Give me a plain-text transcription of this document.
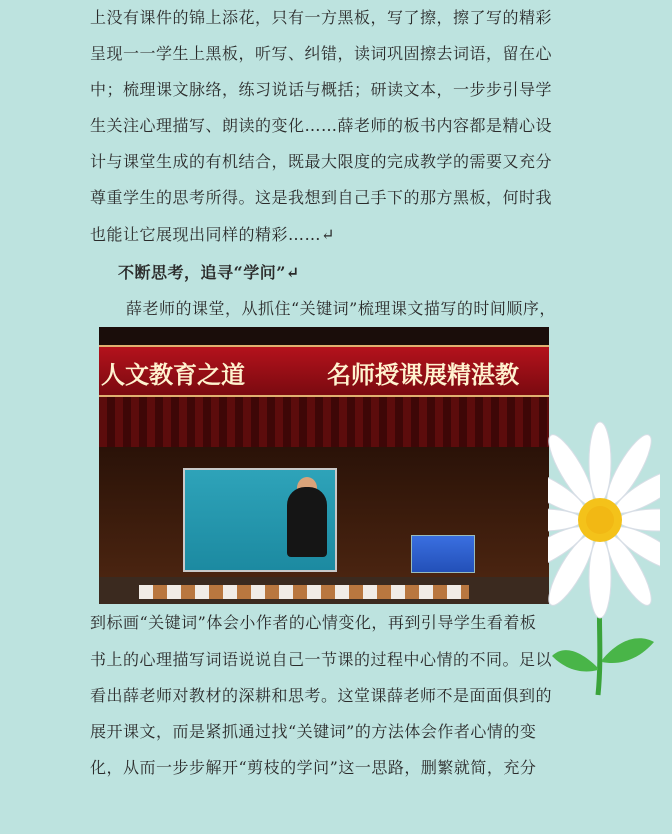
上没有课件的锦上添花，只有一方黑板，写了擦，擦了写的精彩
呈现一一学生上黑板，听写、纠错，读词巩固擦去词语，留在心
中；梳理课文脉络，练习说话与概括；研读文本，一步步引导学
生关注心理描写、朗读的变化……薛老师的板书内容都是精心设
计与课堂生成的有机结合，既最大限度的完成教学的需要又充分
尊重学生的思考所得。这是我想到自己手下的那方黑板，何时我
也能让它展现出同样的精彩……↵
不断思考，追寻“学问”↵
薛老师的课堂，从抓住“关键词”梳理课文描写的时间顺序，
人文教育之道	名师授课展精湛教
到标画“关键词”体会小作者的心情变化，再到引导学生看着板
书上的心理描写词语说说自己一节课的过程中心情的不同。足以
看出薛老师对教材的深耕和思考。这堂课薛老师不是面面俱到的
展开课文，而是紧抓通过找“关键词”的方法体会作者心情的变
化，从而一步步解开“剪枝的学问”这一思路，删繁就简，充分
